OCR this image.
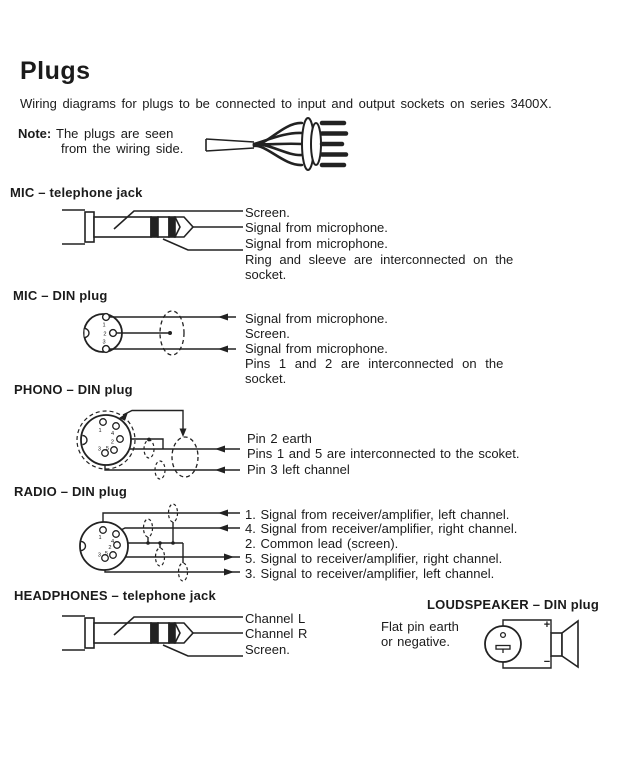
Plugs
Wiring diagrams for plugs to be connected to input and output sockets on series 3400X.
Note: The plugs are seen
from the wiring side.
MIC – telephone jack
Screen.
Signal from microphone.
Signal from microphone.
Ring and sleeve are interconnected on the
socket.
MIC – DIN plug
1
2
3
Signal from microphone.
Screen.
Signal from microphone.
Pins 1 and 2 are interconnected on the
socket.
PHONO – DIN plug
1 4
2
5
3
Pin 2 earth
Pins 1 and 5 are interconnected to the scoket.
Pin 3 left channel
RADIO – DIN plug
1
4
2
5
3
1. Signal from receiver/amplifier, left channel.
4. Signal from receiver/amplifier, right channel.
2. Common lead (screen).
5. Signal to receiver/amplifier, right channel.
3. Signal to receiver/amplifier, left channel.
HEADPHONES – telephone jack
Channel L
Channel R
Screen.
LOUDSPEAKER – DIN plug
Flat pin earth
or negative.
+
−
